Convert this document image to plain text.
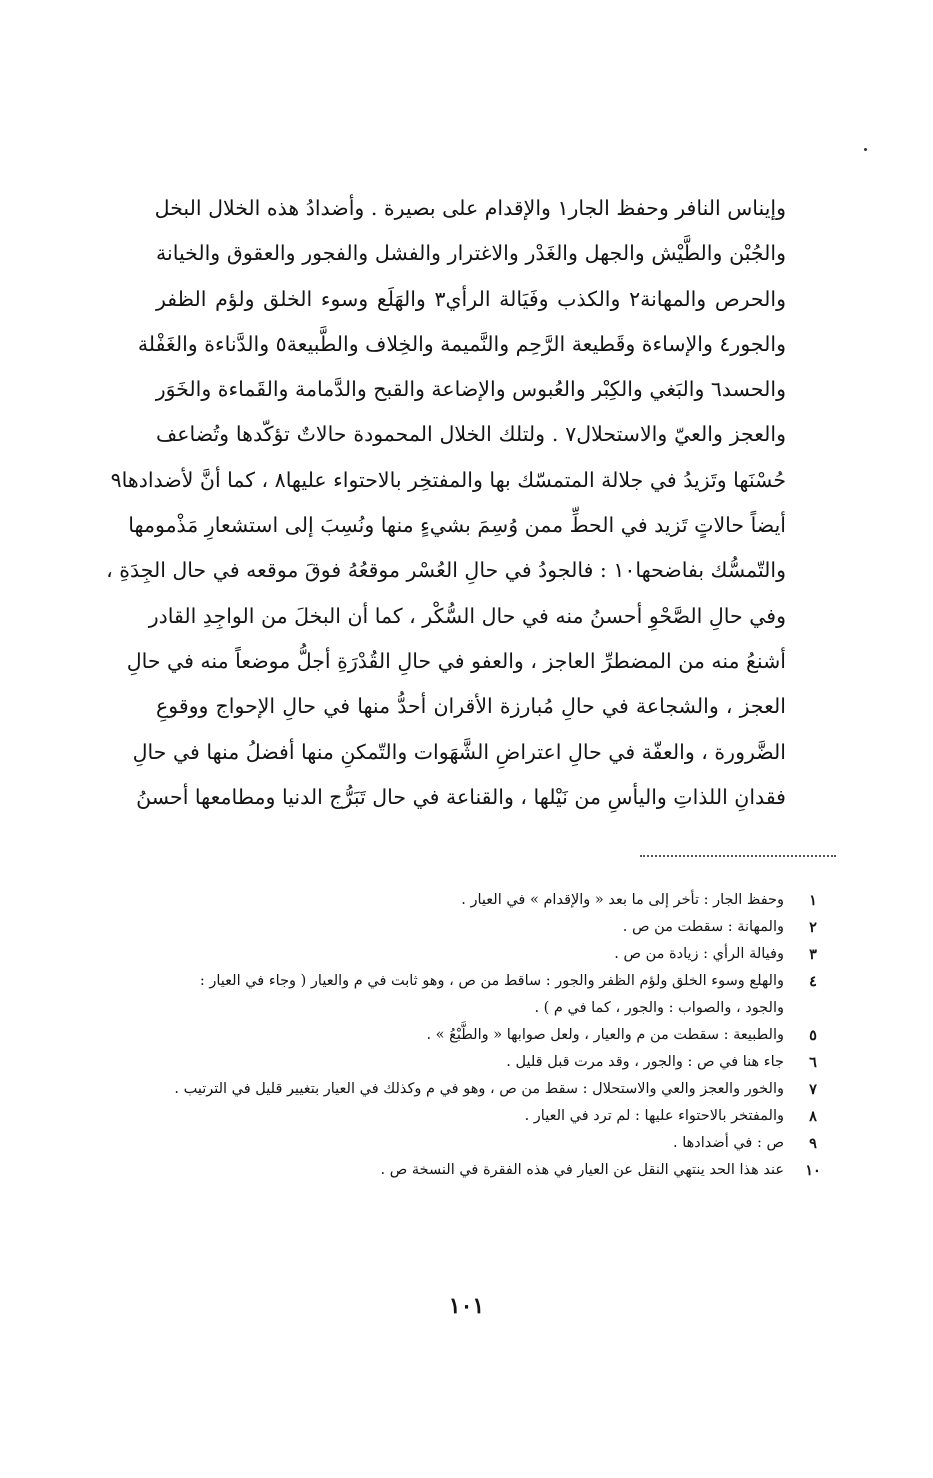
وإيناس النافر وحفظ الجار١ والإقدام على بصيرة . وأضدادُ هذه الخلال البخل
والجُبْن والطَّيْش والجهل والغَدْر والاغترار والفشل والفجور والعقوق والخيانة
والحرص والمهانة٢ والكذب وفَيَالة الرأي٣ والهَلَع وسوء الخلق ولؤم الظفر
والجور٤ والإساءة وقَطيعة الرَّحِم والنَّميمة والخِلاف والطَّبيعة٥ والدَّناءة والغَفْلة
والحسد٦ والبَغي والكِبْر والعُبوس والإضاعة والقبح والدَّمامة والقَماءة والخَوَر
والعجز والعيّ والاستحلال٧ . ولتلك الخلال المحمودة حالاتٌ تؤكّدها وتُضاعف
حُسْنَها وتَزيدُ في جلالة المتمسّك بها والمفتخِر بالاحتواء عليها٨ ، كما أنَّ لأضدادها٩
أيضاً حالاتٍ تَزيد في الحطِّ ممن وُسِمَ بشيءٍ منها ونُسِبَ إلى استشعارِ مَذْمومها
والتّمسُّك بفاضحها١٠ : فالجودُ في حالِ العُسْر موقعُهُ فوقَ موقعه في حال الجِدَةِ ،
وفي حالِ الصَّحْوِ أحسنُ منه في حال السُّكْر ، كما أن البخلَ من الواجِدِ القادر
أشنعُ منه من المضطرِّ العاجز ، والعفو في حالِ القُدْرَةِ أجلُّ موضعاً منه في حالِ
العجز ، والشجاعة في حالِ مُبارزة الأقران أحدُّ منها في حالِ الإحواج ووقوعِ
الضَّرورة ، والعفّة في حالِ اعتراضِ الشَّهَوات والتّمكنِ منها أفضلُ منها في حالِ
فقدانِ اللذاتِ واليأسِ من نَيْلها ، والقناعة في حال تَبَرُّج الدنيا ومطامعها أحسنُ
١
وحفظ الجار : تأخر إلى ما بعد « والإقدام » في العيار .
٢
والمهانة : سقطت من ص .
٣
وفيالة الرأي : زيادة من ص .
٤
والهلع وسوء الخلق ولؤم الظفر والجور : ساقط من ص ، وهو ثابت في م والعيار ( وجاء في العيار : والجود ، والصواب : والجور ، كما في م ) .
٥
والطبيعة : سقطت من م والعيار ، ولعل صوابها « والطَّبْعُ » .
٦
جاء هنا في ص : والجور ، وقد مرت قبل قليل .
٧
والخور والعجز والعي والاستحلال : سقط من ص ، وهو في م وكذلك في العيار بتغيير قليل في الترتيب .
٨
والمفتخر بالاحتواء عليها : لم ترد في العيار .
٩
ص : في أضدادها .
١٠
عند هذا الحد ينتهي النقل عن العيار في هذه الفقرة في النسخة ص .
١٠١
